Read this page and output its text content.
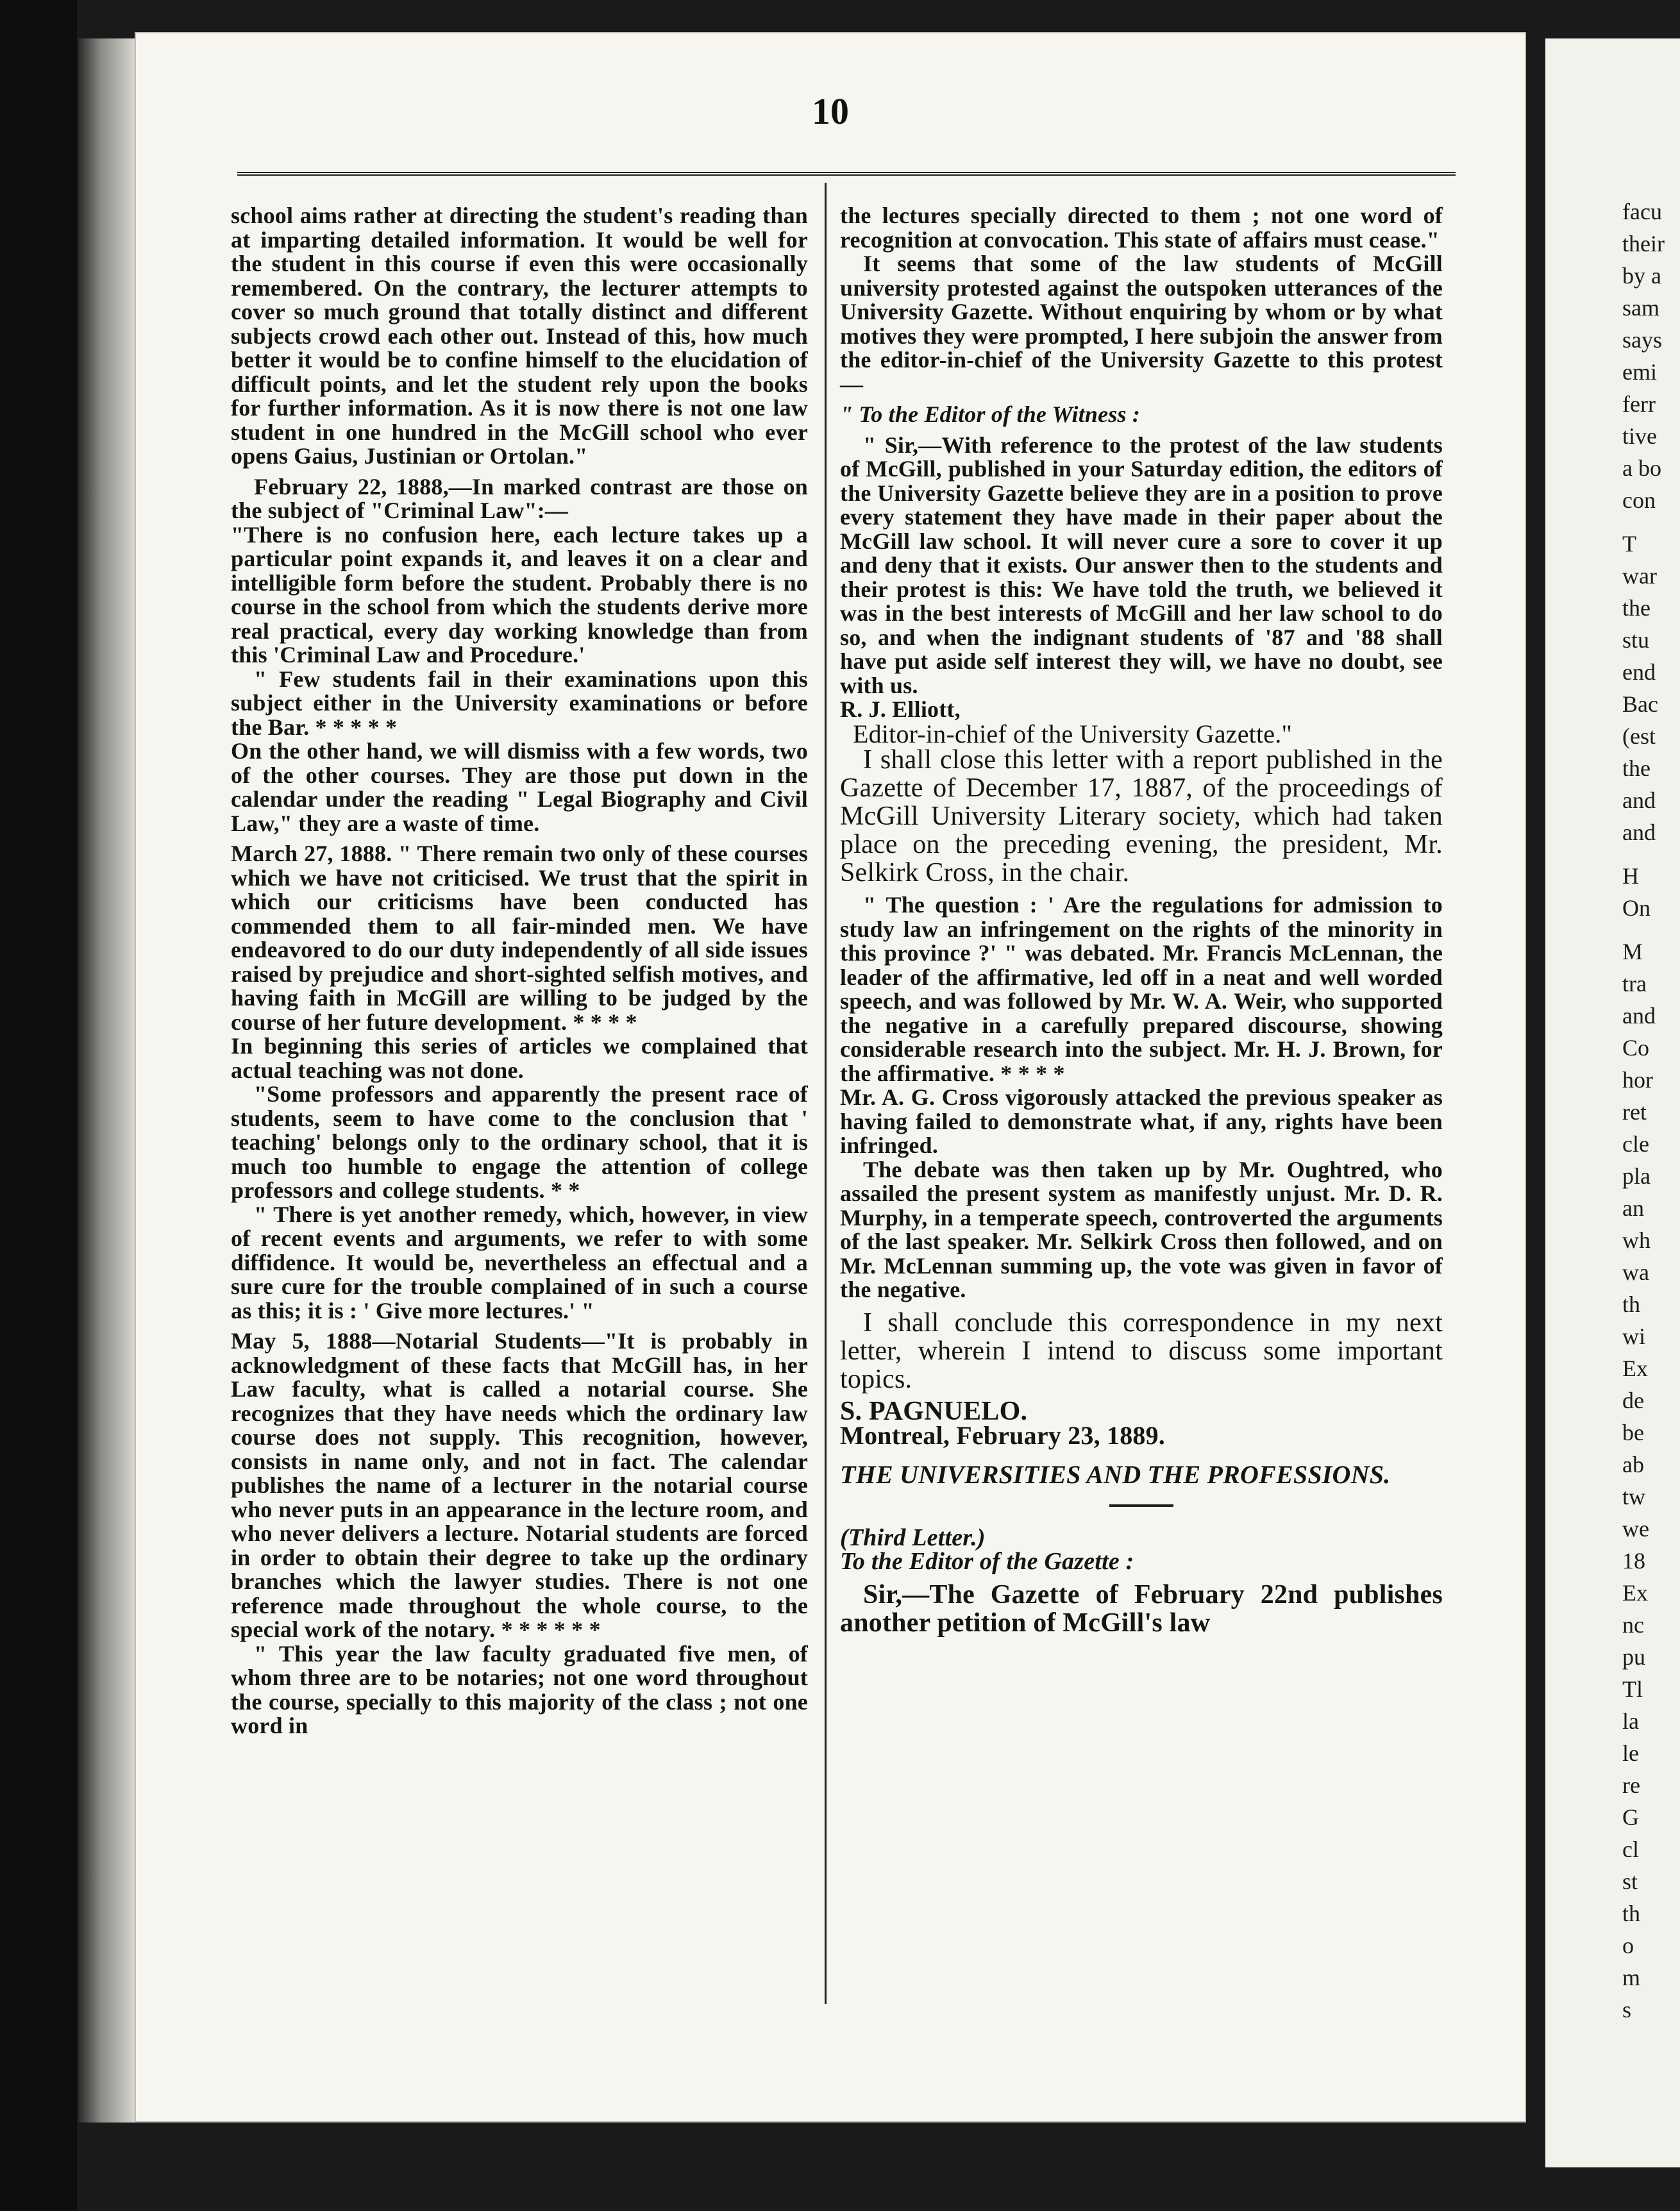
10

school aims rather at directing the student's reading than at imparting detailed information. It would be well for the student in this course if even this were occasionally remembered. On the contrary, the lecturer attempts to cover so much ground that totally distinct and different subjects crowd each other out. Instead of this, how much better it would be to confine himself to the elucidation of difficult points, and let the student rely upon the books for further information. As it is now there is not one law student in one hundred in the McGill school who ever opens Gaius, Justinian or Ortolan."

February 22, 1888,—In marked contrast are those on the subject of "Criminal Law":—

"There is no confusion here, each lecture takes up a particular point expands it, and leaves it on a clear and intelligible form before the student. Probably there is no course in the school from which the students derive more real practical, every day working knowledge than from this 'Criminal Law and Procedure.'

" Few students fail in their examinations upon this subject either in the University examinations or before the Bar. * * * * *

On the other hand, we will dismiss with a few words, two of the other courses. They are those put down in the calendar under the reading " Legal Biography and Civil Law," they are a waste of time.

March 27, 1888. " There remain two only of these courses which we have not criticised. We trust that the spirit in which our criticisms have been conducted has commended them to all fair-minded men. We have endeavored to do our duty independently of all side issues raised by prejudice and short-sighted selfish motives, and having faith in McGill are willing to be judged by the course of her future development. * * * *

In beginning this series of articles we complained that actual teaching was not done.

"Some professors and apparently the present race of students, seem to have come to the conclusion that ' teaching' belongs only to the ordinary school, that it is much too humble to engage the attention of college professors and college students. * *

" There is yet another remedy, which, however, in view of recent events and arguments, we refer to with some diffidence. It would be, nevertheless an effectual and a sure cure for the trouble complained of in such a course as this; it is : ' Give more lectures.' "

May 5, 1888—Notarial Students—"It is probably in acknowledgment of these facts that McGill has, in her Law faculty, what is called a notarial course. She recognizes that they have needs which the ordinary law course does not supply. This recognition, however, consists in name only, and not in fact. The calendar publishes the name of a lecturer in the notarial course who never puts in an appearance in the lecture room, and who never delivers a lecture. Notarial students are forced in order to obtain their degree to take up the ordinary branches which the lawyer studies. There is not one reference made throughout the whole course, to the special work of the notary. * * * * * *

" This year the law faculty graduated five men, of whom three are to be notaries; not one word throughout the course, specially to this majority of the class ; not one word in

the lectures specially directed to them ; not one word of recognition at convocation. This state of affairs must cease."

It seems that some of the law students of McGill university protested against the outspoken utterances of the University Gazette. Without enquiring by whom or by what motives they were prompted, I here subjoin the answer from the editor-in-chief of the University Gazette to this protest —

" To the Editor of the Witness :

" Sir,—With reference to the protest of the law students of McGill, published in your Saturday edition, the editors of the University Gazette believe they are in a position to prove every statement they have made in their paper about the McGill law school. It will never cure a sore to cover it up and deny that it exists. Our answer then to the students and their protest is this: We have told the truth, we believed it was in the best interests of McGill and her law school to do so, and when the indignant students of '87 and '88 shall have put aside self interest they will, we have no doubt, see with us.

R. J. Elliott,

Editor-in-chief of the University Gazette."

I shall close this letter with a report published in the Gazette of December 17, 1887, of the proceedings of McGill University Literary society, which had taken place on the preceding evening, the president, Mr. Selkirk Cross, in the chair.

" The question : ' Are the regulations for admission to study law an infringement on the rights of the minority in this province ?' " was debated. Mr. Francis McLennan, the leader of the affirmative, led off in a neat and well worded speech, and was followed by Mr. W. A. Weir, who supported the negative in a carefully prepared discourse, showing considerable research into the subject. Mr. H. J. Brown, for the affirmative. * * * *

Mr. A. G. Cross vigorously attacked the previous speaker as having failed to demonstrate what, if any, rights have been infringed.

The debate was then taken up by Mr. Oughtred, who assailed the present system as manifestly unjust. Mr. D. R. Murphy, in a temperate speech, controverted the arguments of the last speaker. Mr. Selkirk Cross then followed, and on Mr. McLennan summing up, the vote was given in favor of the negative.

I shall conclude this correspondence in my next letter, wherein I intend to discuss some important topics.

S. PAGNUELO.

Montreal, February 23, 1889.

THE UNIVERSITIES AND THE PROFESSIONS.

(Third Letter.)

To the Editor of the Gazette :

Sir,—The Gazette of February 22nd publishes another petition of McGill's law

facu
their
by a
sam
says
emi
ferr
tive
a bo
con
T
war
the
stu
end
Bac
(est
the
and
and
H
On
M
tra
and
Co
hor
ret
cle
pla
an
wh
wa
th
wi
Ex
de
be
ab
tw
we
18
Ex
nc
pu
Tl
la
le
re
G
cl
st
th
o
m
s
